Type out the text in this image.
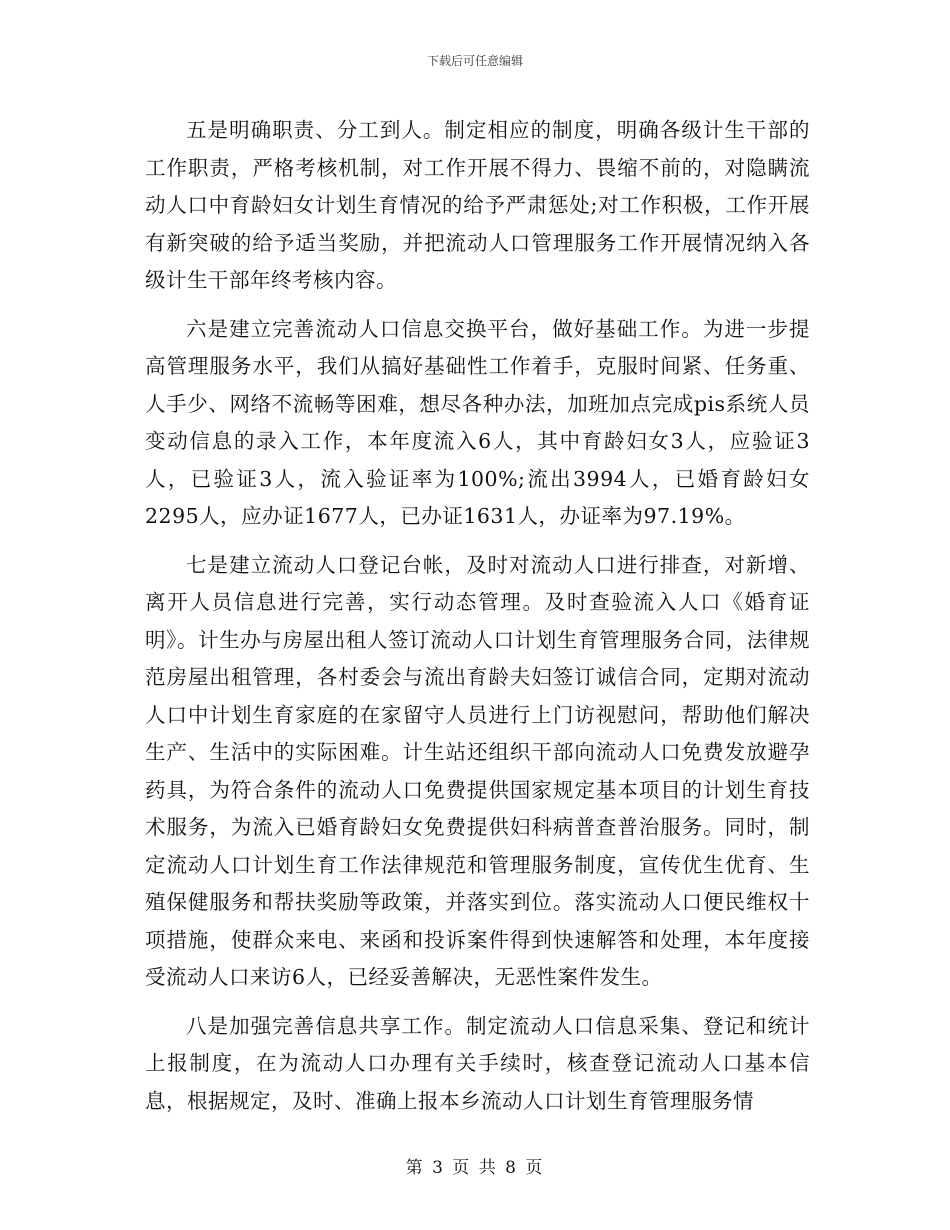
下载后可任意编辑

五是明确职责、分工到人。制定相应的制度，明确各级计生干部的工作职责，严格考核机制，对工作开展不得力、畏缩不前的，对隐瞒流动人口中育龄妇女计划生育情况的给予严肃惩处;对工作积极，工作开展有新突破的给予适当奖励，并把流动人口管理服务工作开展情况纳入各级计生干部年终考核内容。

六是建立完善流动人口信息交换平台，做好基础工作。为进一步提高管理服务水平，我们从搞好基础性工作着手，克服时间紧、任务重、人手少、网络不流畅等困难，想尽各种办法，加班加点完成pis系统人员变动信息的录入工作，本年度流入6人，其中育龄妇女3人，应验证3人，已验证3人，流入验证率为100%;流出3994人，已婚育龄妇女2295人，应办证1677人，已办证1631人，办证率为97.19%。

七是建立流动人口登记台帐，及时对流动人口进行排查，对新增、离开人员信息进行完善，实行动态管理。及时查验流入人口《婚育证明》。计生办与房屋出租人签订流动人口计划生育管理服务合同，法律规范房屋出租管理，各村委会与流出育龄夫妇签订诚信合同，定期对流动人口中计划生育家庭的在家留守人员进行上门访视慰问，帮助他们解决生产、生活中的实际困难。计生站还组织干部向流动人口免费发放避孕药具，为符合条件的流动人口免费提供国家规定基本项目的计划生育技术服务，为流入已婚育龄妇女免费提供妇科病普查普治服务。同时，制定流动人口计划生育工作法律规范和管理服务制度，宣传优生优育、生殖保健服务和帮扶奖励等政策，并落实到位。落实流动人口便民维权十项措施，使群众来电、来函和投诉案件得到快速解答和处理，本年度接受流动人口来访6人，已经妥善解决，无恶性案件发生。

八是加强完善信息共享工作。制定流动人口信息采集、登记和统计上报制度，在为流动人口办理有关手续时，核查登记流动人口基本信息，根据规定，及时、准确上报本乡流动人口计划生育管理服务情

第 3 页 共 8 页
